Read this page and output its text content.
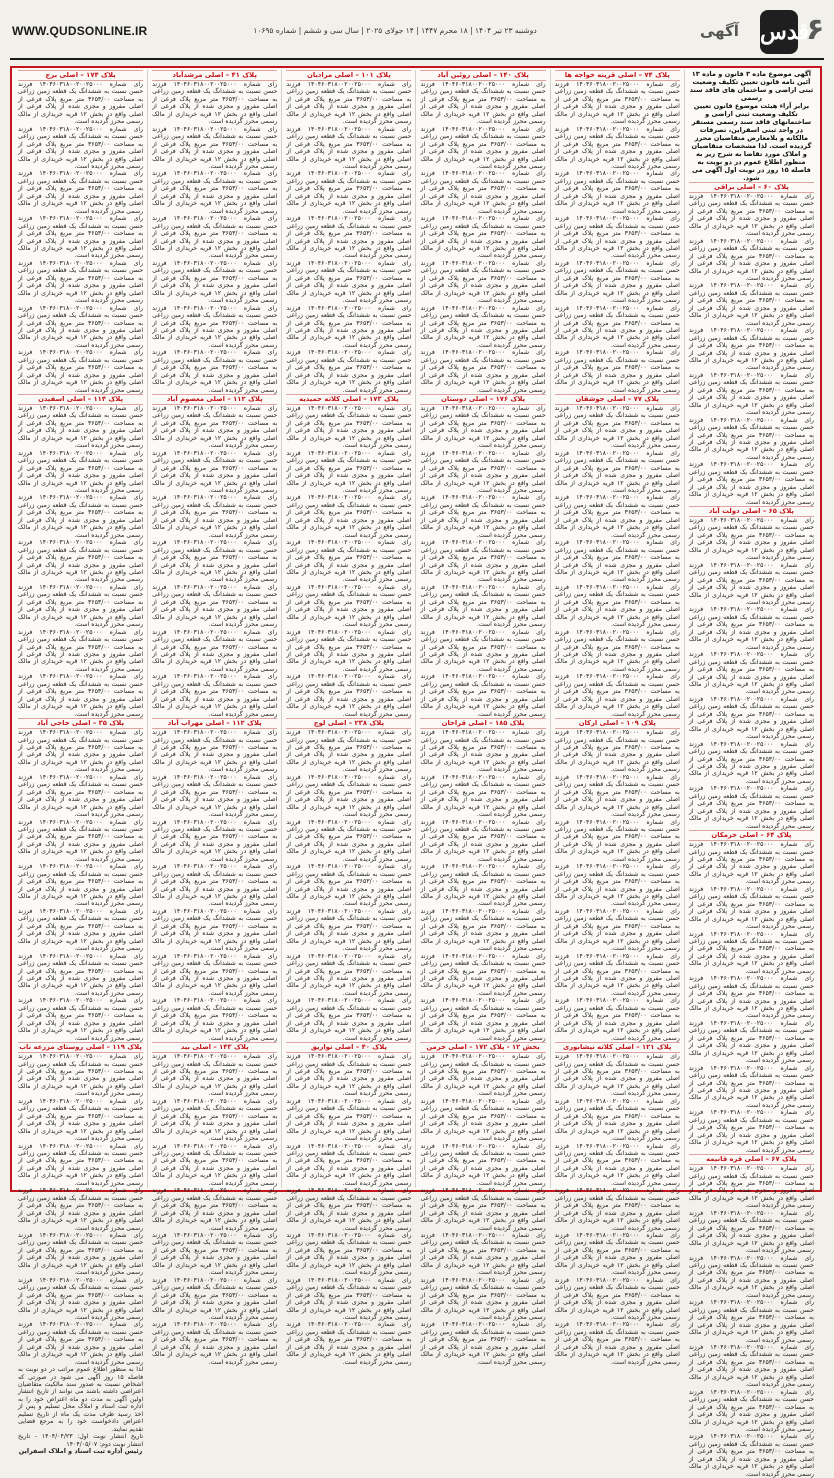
WWW.QUDSONLINE.IR	دوشنبه ۲۳ تیر ۱۴۰۴ | ۱۸ محرم ۱۴۴۷ | ۱۴ جولای ۲۰۲۵ | سال سی و ششم | شماره ۱۰۶۹۵	آگهی قدس
۶

آگهی موضوع ماده ۳ قانون و ماده ۱۳ آئین نامه قانون تعیین تکلیف وضعیت ثبتی اراضی و ساختمان های فاقد سند رسمی

برابر آراء هیئت موضوع قانون تعیین تکلیف وضعیت ثبتی اراضی و ساختمانهای فاقد سند رسمی مستقر در واحد ثبتی اسفراین، تصرفات مالکانه و بلامعارض متقاضیان محرز گردیده است. لذا مشخصات متقاضیان و املاک مورد تقاضا به شرح زیر به منظور اطلاع عموم در دو نوبت به فاصله ۱۵ روز در نوبت اول آگهی می شود.

پلاک ۶۰ – اصلی براقی

رای شماره ۱۴۰۴۶۰۳۱۸۰۰۲۰۰۲۵۰۰۰ فرزند حسن نسبت به ششدانگ یک قطعه زمین زراعی به مساحت ۳۶۵۳/۰۰ متر مربع پلاک فرعی از اصلی مفروز و مجزی شده از پلاک فرعی از اصلی واقع در بخش ۱۲ قریه خریداری از مالک رسمی محرز گردیده است.

رای شماره ۱۴۰۴۶۰۳۱۸۰۰۲۰۰۲۵۰۰۰ فرزند حسن نسبت به ششدانگ یک قطعه زمین زراعی به مساحت ۳۶۵۳/۰۰ متر مربع پلاک فرعی از اصلی مفروز و مجزی شده از پلاک فرعی از اصلی واقع در بخش ۱۲ قریه خریداری از مالک رسمی محرز گردیده است.

رای شماره ۱۴۰۴۶۰۳۱۸۰۰۲۰۰۲۵۰۰۰ فرزند حسن نسبت به ششدانگ یک قطعه زمین زراعی به مساحت ۳۶۵۳/۰۰ متر مربع پلاک فرعی از اصلی مفروز و مجزی شده از پلاک فرعی از اصلی واقع در بخش ۱۲ قریه خریداری از مالک رسمی محرز گردیده است.

رای شماره ۱۴۰۴۶۰۳۱۸۰۰۲۰۰۲۵۰۰۰ فرزند حسن نسبت به ششدانگ یک قطعه زمین زراعی به مساحت ۳۶۵۳/۰۰ متر مربع پلاک فرعی از اصلی مفروز و مجزی شده از پلاک فرعی از اصلی واقع در بخش ۱۲ قریه خریداری از مالک رسمی محرز گردیده است.

رای شماره ۱۴۰۴۶۰۳۱۸۰۰۲۰۰۲۵۰۰۰ فرزند حسن نسبت به ششدانگ یک قطعه زمین زراعی به مساحت ۳۶۵۳/۰۰ متر مربع پلاک فرعی از اصلی مفروز و مجزی شده از پلاک فرعی از اصلی واقع در بخش ۱۲ قریه خریداری از مالک رسمی محرز گردیده است.

رای شماره ۱۴۰۴۶۰۳۱۸۰۰۲۰۰۲۵۰۰۰ فرزند حسن نسبت به ششدانگ یک قطعه زمین زراعی به مساحت ۳۶۵۳/۰۰ متر مربع پلاک فرعی از اصلی مفروز و مجزی شده از پلاک فرعی از اصلی واقع در بخش ۱۲ قریه خریداری از مالک رسمی محرز گردیده است.

رای شماره ۱۴۰۴۶۰۳۱۸۰۰۲۰۰۲۵۰۰۰ فرزند حسن نسبت به ششدانگ یک قطعه زمین زراعی به مساحت ۳۶۵۳/۰۰ متر مربع پلاک فرعی از اصلی مفروز و مجزی شده از پلاک فرعی از اصلی واقع در بخش ۱۲ قریه خریداری از مالک رسمی محرز گردیده است.

پلاک ۶۵ – اصلی دولت آباد

رای شماره ۱۴۰۴۶۰۳۱۸۰۰۲۰۰۲۵۰۰۰ فرزند حسن نسبت به ششدانگ یک قطعه زمین زراعی به مساحت ۳۶۵۳/۰۰ متر مربع پلاک فرعی از اصلی مفروز و مجزی شده از پلاک فرعی از اصلی واقع در بخش ۱۲ قریه خریداری از مالک رسمی محرز گردیده است.

رای شماره ۱۴۰۴۶۰۳۱۸۰۰۲۰۰۲۵۰۰۰ فرزند حسن نسبت به ششدانگ یک قطعه زمین زراعی به مساحت ۳۶۵۳/۰۰ متر مربع پلاک فرعی از اصلی مفروز و مجزی شده از پلاک فرعی از اصلی واقع در بخش ۱۲ قریه خریداری از مالک رسمی محرز گردیده است.

رای شماره ۱۴۰۴۶۰۳۱۸۰۰۲۰۰۲۵۰۰۰ فرزند حسن نسبت به ششدانگ یک قطعه زمین زراعی به مساحت ۳۶۵۳/۰۰ متر مربع پلاک فرعی از اصلی مفروز و مجزی شده از پلاک فرعی از اصلی واقع در بخش ۱۲ قریه خریداری از مالک رسمی محرز گردیده است.

رای شماره ۱۴۰۴۶۰۳۱۸۰۰۲۰۰۲۵۰۰۰ فرزند حسن نسبت به ششدانگ یک قطعه زمین زراعی به مساحت ۳۶۵۳/۰۰ متر مربع پلاک فرعی از اصلی مفروز و مجزی شده از پلاک فرعی از اصلی واقع در بخش ۱۲ قریه خریداری از مالک رسمی محرز گردیده است.

رای شماره ۱۴۰۴۶۰۳۱۸۰۰۲۰۰۲۵۰۰۰ فرزند حسن نسبت به ششدانگ یک قطعه زمین زراعی به مساحت ۳۶۵۳/۰۰ متر مربع پلاک فرعی از اصلی مفروز و مجزی شده از پلاک فرعی از اصلی واقع در بخش ۱۲ قریه خریداری از مالک رسمی محرز گردیده است.

رای شماره ۱۴۰۴۶۰۳۱۸۰۰۲۰۰۲۵۰۰۰ فرزند حسن نسبت به ششدانگ یک قطعه زمین زراعی به مساحت ۳۶۵۳/۰۰ متر مربع پلاک فرعی از اصلی مفروز و مجزی شده از پلاک فرعی از اصلی واقع در بخش ۱۲ قریه خریداری از مالک رسمی محرز گردیده است.

رای شماره ۱۴۰۴۶۰۳۱۸۰۰۲۰۰۲۵۰۰۰ فرزند حسن نسبت به ششدانگ یک قطعه زمین زراعی به مساحت ۳۶۵۳/۰۰ متر مربع پلاک فرعی از اصلی مفروز و مجزی شده از پلاک فرعی از اصلی واقع در بخش ۱۲ قریه خریداری از مالک رسمی محرز گردیده است.

پلاک ۶۴ – اصلی خرمکان

رای شماره ۱۴۰۴۶۰۳۱۸۰۰۲۰۰۲۵۰۰۰ فرزند حسن نسبت به ششدانگ یک قطعه زمین زراعی به مساحت ۳۶۵۳/۰۰ متر مربع پلاک فرعی از اصلی مفروز و مجزی شده از پلاک فرعی از اصلی واقع در بخش ۱۲ قریه خریداری از مالک رسمی محرز گردیده است.

رای شماره ۱۴۰۴۶۰۳۱۸۰۰۲۰۰۲۵۰۰۰ فرزند حسن نسبت به ششدانگ یک قطعه زمین زراعی به مساحت ۳۶۵۳/۰۰ متر مربع پلاک فرعی از اصلی مفروز و مجزی شده از پلاک فرعی از اصلی واقع در بخش ۱۲ قریه خریداری از مالک رسمی محرز گردیده است.

رای شماره ۱۴۰۴۶۰۳۱۸۰۰۲۰۰۲۵۰۰۰ فرزند حسن نسبت به ششدانگ یک قطعه زمین زراعی به مساحت ۳۶۵۳/۰۰ متر مربع پلاک فرعی از اصلی مفروز و مجزی شده از پلاک فرعی از اصلی واقع در بخش ۱۲ قریه خریداری از مالک رسمی محرز گردیده است.

رای شماره ۱۴۰۴۶۰۳۱۸۰۰۲۰۰۲۵۰۰۰ فرزند حسن نسبت به ششدانگ یک قطعه زمین زراعی به مساحت ۳۶۵۳/۰۰ متر مربع پلاک فرعی از اصلی مفروز و مجزی شده از پلاک فرعی از اصلی واقع در بخش ۱۲ قریه خریداری از مالک رسمی محرز گردیده است.

رای شماره ۱۴۰۴۶۰۳۱۸۰۰۲۰۰۲۵۰۰۰ فرزند حسن نسبت به ششدانگ یک قطعه زمین زراعی به مساحت ۳۶۵۳/۰۰ متر مربع پلاک فرعی از اصلی مفروز و مجزی شده از پلاک فرعی از اصلی واقع در بخش ۱۲ قریه خریداری از مالک رسمی محرز گردیده است.

رای شماره ۱۴۰۴۶۰۳۱۸۰۰۲۰۰۲۵۰۰۰ فرزند حسن نسبت به ششدانگ یک قطعه زمین زراعی به مساحت ۳۶۵۳/۰۰ متر مربع پلاک فرعی از اصلی مفروز و مجزی شده از پلاک فرعی از اصلی واقع در بخش ۱۲ قریه خریداری از مالک رسمی محرز گردیده است.

رای شماره ۱۴۰۴۶۰۳۱۸۰۰۲۰۰۲۵۰۰۰ فرزند حسن نسبت به ششدانگ یک قطعه زمین زراعی به مساحت ۳۶۵۳/۰۰ متر مربع پلاک فرعی از اصلی مفروز و مجزی شده از پلاک فرعی از اصلی واقع در بخش ۱۲ قریه خریداری از مالک رسمی محرز گردیده است.

پلاک ۶۷ – اصلی قره قانیمه

رای شماره ۱۴۰۴۶۰۳۱۸۰۰۲۰۰۲۵۰۰۰ فرزند حسن نسبت به ششدانگ یک قطعه زمین زراعی به مساحت ۳۶۵۳/۰۰ متر مربع پلاک فرعی از اصلی مفروز و مجزی شده از پلاک فرعی از اصلی واقع در بخش ۱۲ قریه خریداری از مالک رسمی محرز گردیده است.

رای شماره ۱۴۰۴۶۰۳۱۸۰۰۲۰۰۲۵۰۰۰ فرزند حسن نسبت به ششدانگ یک قطعه زمین زراعی به مساحت ۳۶۵۳/۰۰ متر مربع پلاک فرعی از اصلی مفروز و مجزی شده از پلاک فرعی از اصلی واقع در بخش ۱۲ قریه خریداری از مالک رسمی محرز گردیده است.

رای شماره ۱۴۰۴۶۰۳۱۸۰۰۲۰۰۲۵۰۰۰ فرزند حسن نسبت به ششدانگ یک قطعه زمین زراعی به مساحت ۳۶۵۳/۰۰ متر مربع پلاک فرعی از اصلی مفروز و مجزی شده از پلاک فرعی از اصلی واقع در بخش ۱۲ قریه خریداری از مالک رسمی محرز گردیده است.

رای شماره ۱۴۰۴۶۰۳۱۸۰۰۲۰۰۲۵۰۰۰ فرزند حسن نسبت به ششدانگ یک قطعه زمین زراعی به مساحت ۳۶۵۳/۰۰ متر مربع پلاک فرعی از اصلی مفروز و مجزی شده از پلاک فرعی از اصلی واقع در بخش ۱۲ قریه خریداری از مالک رسمی محرز گردیده است.

رای شماره ۱۴۰۴۶۰۳۱۸۰۰۲۰۰۲۵۰۰۰ فرزند حسن نسبت به ششدانگ یک قطعه زمین زراعی به مساحت ۳۶۵۳/۰۰ متر مربع پلاک فرعی از اصلی مفروز و مجزی شده از پلاک فرعی از اصلی واقع در بخش ۱۲ قریه خریداری از مالک رسمی محرز گردیده است.

رای شماره ۱۴۰۴۶۰۳۱۸۰۰۲۰۰۲۵۰۰۰ فرزند حسن نسبت به ششدانگ یک قطعه زمین زراعی به مساحت ۳۶۵۳/۰۰ متر مربع پلاک فرعی از اصلی مفروز و مجزی شده از پلاک فرعی از اصلی واقع در بخش ۱۲ قریه خریداری از مالک رسمی محرز گردیده است.

رای شماره ۱۴۰۴۶۰۳۱۸۰۰۲۰۰۲۵۰۰۰ فرزند حسن نسبت به ششدانگ یک قطعه زمین زراعی به مساحت ۳۶۵۳/۰۰ متر مربع پلاک فرعی از اصلی مفروز و مجزی شده از پلاک فرعی از اصلی واقع در بخش ۱۲ قریه خریداری از مالک رسمی محرز گردیده است.

پلاک ۷۴ – اصلی قرینه خواجه ها

رای شماره ۱۴۰۴۶۰۳۱۸۰۰۲۰۰۲۵۰۰۰ فرزند حسن نسبت به ششدانگ یک قطعه زمین زراعی به مساحت ۳۶۵۳/۰۰ متر مربع پلاک فرعی از اصلی مفروز و مجزی شده از پلاک فرعی از اصلی واقع در بخش ۱۲ قریه خریداری از مالک رسمی محرز گردیده است.

رای شماره ۱۴۰۴۶۰۳۱۸۰۰۲۰۰۲۵۰۰۰ فرزند حسن نسبت به ششدانگ یک قطعه زمین زراعی به مساحت ۳۶۵۳/۰۰ متر مربع پلاک فرعی از اصلی مفروز و مجزی شده از پلاک فرعی از اصلی واقع در بخش ۱۲ قریه خریداری از مالک رسمی محرز گردیده است.

رای شماره ۱۴۰۴۶۰۳۱۸۰۰۲۰۰۲۵۰۰۰ فرزند حسن نسبت به ششدانگ یک قطعه زمین زراعی به مساحت ۳۶۵۳/۰۰ متر مربع پلاک فرعی از اصلی مفروز و مجزی شده از پلاک فرعی از اصلی واقع در بخش ۱۲ قریه خریداری از مالک رسمی محرز گردیده است.

رای شماره ۱۴۰۴۶۰۳۱۸۰۰۲۰۰۲۵۰۰۰ فرزند حسن نسبت به ششدانگ یک قطعه زمین زراعی به مساحت ۳۶۵۳/۰۰ متر مربع پلاک فرعی از اصلی مفروز و مجزی شده از پلاک فرعی از اصلی واقع در بخش ۱۲ قریه خریداری از مالک رسمی محرز گردیده است.

رای شماره ۱۴۰۴۶۰۳۱۸۰۰۲۰۰۲۵۰۰۰ فرزند حسن نسبت به ششدانگ یک قطعه زمین زراعی به مساحت ۳۶۵۳/۰۰ متر مربع پلاک فرعی از اصلی مفروز و مجزی شده از پلاک فرعی از اصلی واقع در بخش ۱۲ قریه خریداری از مالک رسمی محرز گردیده است.

رای شماره ۱۴۰۴۶۰۳۱۸۰۰۲۰۰۲۵۰۰۰ فرزند حسن نسبت به ششدانگ یک قطعه زمین زراعی به مساحت ۳۶۵۳/۰۰ متر مربع پلاک فرعی از اصلی مفروز و مجزی شده از پلاک فرعی از اصلی واقع در بخش ۱۲ قریه خریداری از مالک رسمی محرز گردیده است.

رای شماره ۱۴۰۴۶۰۳۱۸۰۰۲۰۰۲۵۰۰۰ فرزند حسن نسبت به ششدانگ یک قطعه زمین زراعی به مساحت ۳۶۵۳/۰۰ متر مربع پلاک فرعی از اصلی مفروز و مجزی شده از پلاک فرعی از اصلی واقع در بخش ۱۲ قریه خریداری از مالک رسمی محرز گردیده است.

پلاک ۷۷ – اصلی جوشقان

رای شماره ۱۴۰۴۶۰۳۱۸۰۰۲۰۰۲۵۰۰۰ فرزند حسن نسبت به ششدانگ یک قطعه زمین زراعی به مساحت ۳۶۵۳/۰۰ متر مربع پلاک فرعی از اصلی مفروز و مجزی شده از پلاک فرعی از اصلی واقع در بخش ۱۲ قریه خریداری از مالک رسمی محرز گردیده است.

رای شماره ۱۴۰۴۶۰۳۱۸۰۰۲۰۰۲۵۰۰۰ فرزند حسن نسبت به ششدانگ یک قطعه زمین زراعی به مساحت ۳۶۵۳/۰۰ متر مربع پلاک فرعی از اصلی مفروز و مجزی شده از پلاک فرعی از اصلی واقع در بخش ۱۲ قریه خریداری از مالک رسمی محرز گردیده است.

رای شماره ۱۴۰۴۶۰۳۱۸۰۰۲۰۰۲۵۰۰۰ فرزند حسن نسبت به ششدانگ یک قطعه زمین زراعی به مساحت ۳۶۵۳/۰۰ متر مربع پلاک فرعی از اصلی مفروز و مجزی شده از پلاک فرعی از اصلی واقع در بخش ۱۲ قریه خریداری از مالک رسمی محرز گردیده است.

رای شماره ۱۴۰۴۶۰۳۱۸۰۰۲۰۰۲۵۰۰۰ فرزند حسن نسبت به ششدانگ یک قطعه زمین زراعی به مساحت ۳۶۵۳/۰۰ متر مربع پلاک فرعی از اصلی مفروز و مجزی شده از پلاک فرعی از اصلی واقع در بخش ۱۲ قریه خریداری از مالک رسمی محرز گردیده است.

رای شماره ۱۴۰۴۶۰۳۱۸۰۰۲۰۰۲۵۰۰۰ فرزند حسن نسبت به ششدانگ یک قطعه زمین زراعی به مساحت ۳۶۵۳/۰۰ متر مربع پلاک فرعی از اصلی مفروز و مجزی شده از پلاک فرعی از اصلی واقع در بخش ۱۲ قریه خریداری از مالک رسمی محرز گردیده است.

رای شماره ۱۴۰۴۶۰۳۱۸۰۰۲۰۰۲۵۰۰۰ فرزند حسن نسبت به ششدانگ یک قطعه زمین زراعی به مساحت ۳۶۵۳/۰۰ متر مربع پلاک فرعی از اصلی مفروز و مجزی شده از پلاک فرعی از اصلی واقع در بخش ۱۲ قریه خریداری از مالک رسمی محرز گردیده است.

رای شماره ۱۴۰۴۶۰۳۱۸۰۰۲۰۰۲۵۰۰۰ فرزند حسن نسبت به ششدانگ یک قطعه زمین زراعی به مساحت ۳۶۵۳/۰۰ متر مربع پلاک فرعی از اصلی مفروز و مجزی شده از پلاک فرعی از اصلی واقع در بخش ۱۲ قریه خریداری از مالک رسمی محرز گردیده است.

پلاک ۱۰۹ – اصلی ارکان

رای شماره ۱۴۰۴۶۰۳۱۸۰۰۲۰۰۲۵۰۰۰ فرزند حسن نسبت به ششدانگ یک قطعه زمین زراعی به مساحت ۳۶۵۳/۰۰ متر مربع پلاک فرعی از اصلی مفروز و مجزی شده از پلاک فرعی از اصلی واقع در بخش ۱۲ قریه خریداری از مالک رسمی محرز گردیده است.

رای شماره ۱۴۰۴۶۰۳۱۸۰۰۲۰۰۲۵۰۰۰ فرزند حسن نسبت به ششدانگ یک قطعه زمین زراعی به مساحت ۳۶۵۳/۰۰ متر مربع پلاک فرعی از اصلی مفروز و مجزی شده از پلاک فرعی از اصلی واقع در بخش ۱۲ قریه خریداری از مالک رسمی محرز گردیده است.

رای شماره ۱۴۰۴۶۰۳۱۸۰۰۲۰۰۲۵۰۰۰ فرزند حسن نسبت به ششدانگ یک قطعه زمین زراعی به مساحت ۳۶۵۳/۰۰ متر مربع پلاک فرعی از اصلی مفروز و مجزی شده از پلاک فرعی از اصلی واقع در بخش ۱۲ قریه خریداری از مالک رسمی محرز گردیده است.

رای شماره ۱۴۰۴۶۰۳۱۸۰۰۲۰۰۲۵۰۰۰ فرزند حسن نسبت به ششدانگ یک قطعه زمین زراعی به مساحت ۳۶۵۳/۰۰ متر مربع پلاک فرعی از اصلی مفروز و مجزی شده از پلاک فرعی از اصلی واقع در بخش ۱۲ قریه خریداری از مالک رسمی محرز گردیده است.

رای شماره ۱۴۰۴۶۰۳۱۸۰۰۲۰۰۲۵۰۰۰ فرزند حسن نسبت به ششدانگ یک قطعه زمین زراعی به مساحت ۳۶۵۳/۰۰ متر مربع پلاک فرعی از اصلی مفروز و مجزی شده از پلاک فرعی از اصلی واقع در بخش ۱۲ قریه خریداری از مالک رسمی محرز گردیده است.

رای شماره ۱۴۰۴۶۰۳۱۸۰۰۲۰۰۲۵۰۰۰ فرزند حسن نسبت به ششدانگ یک قطعه زمین زراعی به مساحت ۳۶۵۳/۰۰ متر مربع پلاک فرعی از اصلی مفروز و مجزی شده از پلاک فرعی از اصلی واقع در بخش ۱۲ قریه خریداری از مالک رسمی محرز گردیده است.

رای شماره ۱۴۰۴۶۰۳۱۸۰۰۲۰۰۲۵۰۰۰ فرزند حسن نسبت به ششدانگ یک قطعه زمین زراعی به مساحت ۳۶۵۳/۰۰ متر مربع پلاک فرعی از اصلی مفروز و مجزی شده از پلاک فرعی از اصلی واقع در بخش ۱۲ قریه خریداری از مالک رسمی محرز گردیده است.

پلاک ۱۲۱ – اصلی کلاته نیشابوری

رای شماره ۱۴۰۴۶۰۳۱۸۰۰۲۰۰۲۵۰۰۰ فرزند حسن نسبت به ششدانگ یک قطعه زمین زراعی به مساحت ۳۶۵۳/۰۰ متر مربع پلاک فرعی از اصلی مفروز و مجزی شده از پلاک فرعی از اصلی واقع در بخش ۱۲ قریه خریداری از مالک رسمی محرز گردیده است.

رای شماره ۱۴۰۴۶۰۳۱۸۰۰۲۰۰۲۵۰۰۰ فرزند حسن نسبت به ششدانگ یک قطعه زمین زراعی به مساحت ۳۶۵۳/۰۰ متر مربع پلاک فرعی از اصلی مفروز و مجزی شده از پلاک فرعی از اصلی واقع در بخش ۱۲ قریه خریداری از مالک رسمی محرز گردیده است.

رای شماره ۱۴۰۴۶۰۳۱۸۰۰۲۰۰۲۵۰۰۰ فرزند حسن نسبت به ششدانگ یک قطعه زمین زراعی به مساحت ۳۶۵۳/۰۰ متر مربع پلاک فرعی از اصلی مفروز و مجزی شده از پلاک فرعی از اصلی واقع در بخش ۱۲ قریه خریداری از مالک رسمی محرز گردیده است.

رای شماره ۱۴۰۴۶۰۳۱۸۰۰۲۰۰۲۵۰۰۰ فرزند حسن نسبت به ششدانگ یک قطعه زمین زراعی به مساحت ۳۶۵۳/۰۰ متر مربع پلاک فرعی از اصلی مفروز و مجزی شده از پلاک فرعی از اصلی واقع در بخش ۱۲ قریه خریداری از مالک رسمی محرز گردیده است.

رای شماره ۱۴۰۴۶۰۳۱۸۰۰۲۰۰۲۵۰۰۰ فرزند حسن نسبت به ششدانگ یک قطعه زمین زراعی به مساحت ۳۶۵۳/۰۰ متر مربع پلاک فرعی از اصلی مفروز و مجزی شده از پلاک فرعی از اصلی واقع در بخش ۱۲ قریه خریداری از مالک رسمی محرز گردیده است.

رای شماره ۱۴۰۴۶۰۳۱۸۰۰۲۰۰۲۵۰۰۰ فرزند حسن نسبت به ششدانگ یک قطعه زمین زراعی به مساحت ۳۶۵۳/۰۰ متر مربع پلاک فرعی از اصلی مفروز و مجزی شده از پلاک فرعی از اصلی واقع در بخش ۱۲ قریه خریداری از مالک رسمی محرز گردیده است.

رای شماره ۱۴۰۴۶۰۳۱۸۰۰۲۰۰۲۵۰۰۰ فرزند حسن نسبت به ششدانگ یک قطعه زمین زراعی به مساحت ۳۶۵۳/۰۰ متر مربع پلاک فرعی از اصلی مفروز و مجزی شده از پلاک فرعی از اصلی واقع در بخش ۱۲ قریه خریداری از مالک رسمی محرز گردیده است.

پلاک ۱۴۰ – اصلی روئین آباد

رای شماره ۱۴۰۴۶۰۳۱۸۰۰۲۰۰۲۵۰۰۰ فرزند حسن نسبت به ششدانگ یک قطعه زمین زراعی به مساحت ۳۶۵۳/۰۰ متر مربع پلاک فرعی از اصلی مفروز و مجزی شده از پلاک فرعی از اصلی واقع در بخش ۱۲ قریه خریداری از مالک رسمی محرز گردیده است.

رای شماره ۱۴۰۴۶۰۳۱۸۰۰۲۰۰۲۵۰۰۰ فرزند حسن نسبت به ششدانگ یک قطعه زمین زراعی به مساحت ۳۶۵۳/۰۰ متر مربع پلاک فرعی از اصلی مفروز و مجزی شده از پلاک فرعی از اصلی واقع در بخش ۱۲ قریه خریداری از مالک رسمی محرز گردیده است.

رای شماره ۱۴۰۴۶۰۳۱۸۰۰۲۰۰۲۵۰۰۰ فرزند حسن نسبت به ششدانگ یک قطعه زمین زراعی به مساحت ۳۶۵۳/۰۰ متر مربع پلاک فرعی از اصلی مفروز و مجزی شده از پلاک فرعی از اصلی واقع در بخش ۱۲ قریه خریداری از مالک رسمی محرز گردیده است.

رای شماره ۱۴۰۴۶۰۳۱۸۰۰۲۰۰۲۵۰۰۰ فرزند حسن نسبت به ششدانگ یک قطعه زمین زراعی به مساحت ۳۶۵۳/۰۰ متر مربع پلاک فرعی از اصلی مفروز و مجزی شده از پلاک فرعی از اصلی واقع در بخش ۱۲ قریه خریداری از مالک رسمی محرز گردیده است.

رای شماره ۱۴۰۴۶۰۳۱۸۰۰۲۰۰۲۵۰۰۰ فرزند حسن نسبت به ششدانگ یک قطعه زمین زراعی به مساحت ۳۶۵۳/۰۰ متر مربع پلاک فرعی از اصلی مفروز و مجزی شده از پلاک فرعی از اصلی واقع در بخش ۱۲ قریه خریداری از مالک رسمی محرز گردیده است.

رای شماره ۱۴۰۴۶۰۳۱۸۰۰۲۰۰۲۵۰۰۰ فرزند حسن نسبت به ششدانگ یک قطعه زمین زراعی به مساحت ۳۶۵۳/۰۰ متر مربع پلاک فرعی از اصلی مفروز و مجزی شده از پلاک فرعی از اصلی واقع در بخش ۱۲ قریه خریداری از مالک رسمی محرز گردیده است.

رای شماره ۱۴۰۴۶۰۳۱۸۰۰۲۰۰۲۵۰۰۰ فرزند حسن نسبت به ششدانگ یک قطعه زمین زراعی به مساحت ۳۶۵۳/۰۰ متر مربع پلاک فرعی از اصلی مفروز و مجزی شده از پلاک فرعی از اصلی واقع در بخش ۱۲ قریه خریداری از مالک رسمی محرز گردیده است.

پلاک ۱۷۶ – اصلی دوستان

رای شماره ۱۴۰۴۶۰۳۱۸۰۰۲۰۰۲۵۰۰۰ فرزند حسن نسبت به ششدانگ یک قطعه زمین زراعی به مساحت ۳۶۵۳/۰۰ متر مربع پلاک فرعی از اصلی مفروز و مجزی شده از پلاک فرعی از اصلی واقع در بخش ۱۲ قریه خریداری از مالک رسمی محرز گردیده است.

رای شماره ۱۴۰۴۶۰۳۱۸۰۰۲۰۰۲۵۰۰۰ فرزند حسن نسبت به ششدانگ یک قطعه زمین زراعی به مساحت ۳۶۵۳/۰۰ متر مربع پلاک فرعی از اصلی مفروز و مجزی شده از پلاک فرعی از اصلی واقع در بخش ۱۲ قریه خریداری از مالک رسمی محرز گردیده است.

رای شماره ۱۴۰۴۶۰۳۱۸۰۰۲۰۰۲۵۰۰۰ فرزند حسن نسبت به ششدانگ یک قطعه زمین زراعی به مساحت ۳۶۵۳/۰۰ متر مربع پلاک فرعی از اصلی مفروز و مجزی شده از پلاک فرعی از اصلی واقع در بخش ۱۲ قریه خریداری از مالک رسمی محرز گردیده است.

رای شماره ۱۴۰۴۶۰۳۱۸۰۰۲۰۰۲۵۰۰۰ فرزند حسن نسبت به ششدانگ یک قطعه زمین زراعی به مساحت ۳۶۵۳/۰۰ متر مربع پلاک فرعی از اصلی مفروز و مجزی شده از پلاک فرعی از اصلی واقع در بخش ۱۲ قریه خریداری از مالک رسمی محرز گردیده است.

رای شماره ۱۴۰۴۶۰۳۱۸۰۰۲۰۰۲۵۰۰۰ فرزند حسن نسبت به ششدانگ یک قطعه زمین زراعی به مساحت ۳۶۵۳/۰۰ متر مربع پلاک فرعی از اصلی مفروز و مجزی شده از پلاک فرعی از اصلی واقع در بخش ۱۲ قریه خریداری از مالک رسمی محرز گردیده است.

رای شماره ۱۴۰۴۶۰۳۱۸۰۰۲۰۰۲۵۰۰۰ فرزند حسن نسبت به ششدانگ یک قطعه زمین زراعی به مساحت ۳۶۵۳/۰۰ متر مربع پلاک فرعی از اصلی مفروز و مجزی شده از پلاک فرعی از اصلی واقع در بخش ۱۲ قریه خریداری از مالک رسمی محرز گردیده است.

رای شماره ۱۴۰۴۶۰۳۱۸۰۰۲۰۰۲۵۰۰۰ فرزند حسن نسبت به ششدانگ یک قطعه زمین زراعی به مساحت ۳۶۵۳/۰۰ متر مربع پلاک فرعی از اصلی مفروز و مجزی شده از پلاک فرعی از اصلی واقع در بخش ۱۲ قریه خریداری از مالک رسمی محرز گردیده است.

پلاک ۱۸۵ – اصلی قراخان

رای شماره ۱۴۰۴۶۰۳۱۸۰۰۲۰۰۲۵۰۰۰ فرزند حسن نسبت به ششدانگ یک قطعه زمین زراعی به مساحت ۳۶۵۳/۰۰ متر مربع پلاک فرعی از اصلی مفروز و مجزی شده از پلاک فرعی از اصلی واقع در بخش ۱۲ قریه خریداری از مالک رسمی محرز گردیده است.

رای شماره ۱۴۰۴۶۰۳۱۸۰۰۲۰۰۲۵۰۰۰ فرزند حسن نسبت به ششدانگ یک قطعه زمین زراعی به مساحت ۳۶۵۳/۰۰ متر مربع پلاک فرعی از اصلی مفروز و مجزی شده از پلاک فرعی از اصلی واقع در بخش ۱۲ قریه خریداری از مالک رسمی محرز گردیده است.

رای شماره ۱۴۰۴۶۰۳۱۸۰۰۲۰۰۲۵۰۰۰ فرزند حسن نسبت به ششدانگ یک قطعه زمین زراعی به مساحت ۳۶۵۳/۰۰ متر مربع پلاک فرعی از اصلی مفروز و مجزی شده از پلاک فرعی از اصلی واقع در بخش ۱۲ قریه خریداری از مالک رسمی محرز گردیده است.

رای شماره ۱۴۰۴۶۰۳۱۸۰۰۲۰۰۲۵۰۰۰ فرزند حسن نسبت به ششدانگ یک قطعه زمین زراعی به مساحت ۳۶۵۳/۰۰ متر مربع پلاک فرعی از اصلی مفروز و مجزی شده از پلاک فرعی از اصلی واقع در بخش ۱۲ قریه خریداری از مالک رسمی محرز گردیده است.

رای شماره ۱۴۰۴۶۰۳۱۸۰۰۲۰۰۲۵۰۰۰ فرزند حسن نسبت به ششدانگ یک قطعه زمین زراعی به مساحت ۳۶۵۳/۰۰ متر مربع پلاک فرعی از اصلی مفروز و مجزی شده از پلاک فرعی از اصلی واقع در بخش ۱۲ قریه خریداری از مالک رسمی محرز گردیده است.

رای شماره ۱۴۰۴۶۰۳۱۸۰۰۲۰۰۲۵۰۰۰ فرزند حسن نسبت به ششدانگ یک قطعه زمین زراعی به مساحت ۳۶۵۳/۰۰ متر مربع پلاک فرعی از اصلی مفروز و مجزی شده از پلاک فرعی از اصلی واقع در بخش ۱۲ قریه خریداری از مالک رسمی محرز گردیده است.

رای شماره ۱۴۰۴۶۰۳۱۸۰۰۲۰۰۲۵۰۰۰ فرزند حسن نسبت به ششدانگ یک قطعه زمین زراعی به مساحت ۳۶۵۳/۰۰ متر مربع پلاک فرعی از اصلی مفروز و مجزی شده از پلاک فرعی از اصلی واقع در بخش ۱۲ قریه خریداری از مالک رسمی محرز گردیده است.

بخش ۱۲ - پلاک ۱۷۲ – اصلی خرمن

رای شماره ۱۴۰۴۶۰۳۱۸۰۰۲۰۰۲۵۰۰۰ فرزند حسن نسبت به ششدانگ یک قطعه زمین زراعی به مساحت ۳۶۵۳/۰۰ متر مربع پلاک فرعی از اصلی مفروز و مجزی شده از پلاک فرعی از اصلی واقع در بخش ۱۲ قریه خریداری از مالک رسمی محرز گردیده است.

رای شماره ۱۴۰۴۶۰۳۱۸۰۰۲۰۰۲۵۰۰۰ فرزند حسن نسبت به ششدانگ یک قطعه زمین زراعی به مساحت ۳۶۵۳/۰۰ متر مربع پلاک فرعی از اصلی مفروز و مجزی شده از پلاک فرعی از اصلی واقع در بخش ۱۲ قریه خریداری از مالک رسمی محرز گردیده است.

رای شماره ۱۴۰۴۶۰۳۱۸۰۰۲۰۰۲۵۰۰۰ فرزند حسن نسبت به ششدانگ یک قطعه زمین زراعی به مساحت ۳۶۵۳/۰۰ متر مربع پلاک فرعی از اصلی مفروز و مجزی شده از پلاک فرعی از اصلی واقع در بخش ۱۲ قریه خریداری از مالک رسمی محرز گردیده است.

رای شماره ۱۴۰۴۶۰۳۱۸۰۰۲۰۰۲۵۰۰۰ فرزند حسن نسبت به ششدانگ یک قطعه زمین زراعی به مساحت ۳۶۵۳/۰۰ متر مربع پلاک فرعی از اصلی مفروز و مجزی شده از پلاک فرعی از اصلی واقع در بخش ۱۲ قریه خریداری از مالک رسمی محرز گردیده است.

رای شماره ۱۴۰۴۶۰۳۱۸۰۰۲۰۰۲۵۰۰۰ فرزند حسن نسبت به ششدانگ یک قطعه زمین زراعی به مساحت ۳۶۵۳/۰۰ متر مربع پلاک فرعی از اصلی مفروز و مجزی شده از پلاک فرعی از اصلی واقع در بخش ۱۲ قریه خریداری از مالک رسمی محرز گردیده است.

رای شماره ۱۴۰۴۶۰۳۱۸۰۰۲۰۰۲۵۰۰۰ فرزند حسن نسبت به ششدانگ یک قطعه زمین زراعی به مساحت ۳۶۵۳/۰۰ متر مربع پلاک فرعی از اصلی مفروز و مجزی شده از پلاک فرعی از اصلی واقع در بخش ۱۲ قریه خریداری از مالک رسمی محرز گردیده است.

رای شماره ۱۴۰۴۶۰۳۱۸۰۰۲۰۰۲۵۰۰۰ فرزند حسن نسبت به ششدانگ یک قطعه زمین زراعی به مساحت ۳۶۵۳/۰۰ متر مربع پلاک فرعی از اصلی مفروز و مجزی شده از پلاک فرعی از اصلی واقع در بخش ۱۲ قریه خریداری از مالک رسمی محرز گردیده است.

پلاک ۱۰۱ – اصلی مرادیان

رای شماره ۱۴۰۴۶۰۳۱۸۰۰۲۰۰۲۵۰۰۰ فرزند حسن نسبت به ششدانگ یک قطعه زمین زراعی به مساحت ۳۶۵۳/۰۰ متر مربع پلاک فرعی از اصلی مفروز و مجزی شده از پلاک فرعی از اصلی واقع در بخش ۱۲ قریه خریداری از مالک رسمی محرز گردیده است.

رای شماره ۱۴۰۴۶۰۳۱۸۰۰۲۰۰۲۵۰۰۰ فرزند حسن نسبت به ششدانگ یک قطعه زمین زراعی به مساحت ۳۶۵۳/۰۰ متر مربع پلاک فرعی از اصلی مفروز و مجزی شده از پلاک فرعی از اصلی واقع در بخش ۱۲ قریه خریداری از مالک رسمی محرز گردیده است.

رای شماره ۱۴۰۴۶۰۳۱۸۰۰۲۰۰۲۵۰۰۰ فرزند حسن نسبت به ششدانگ یک قطعه زمین زراعی به مساحت ۳۶۵۳/۰۰ متر مربع پلاک فرعی از اصلی مفروز و مجزی شده از پلاک فرعی از اصلی واقع در بخش ۱۲ قریه خریداری از مالک رسمی محرز گردیده است.

رای شماره ۱۴۰۴۶۰۳۱۸۰۰۲۰۰۲۵۰۰۰ فرزند حسن نسبت به ششدانگ یک قطعه زمین زراعی به مساحت ۳۶۵۳/۰۰ متر مربع پلاک فرعی از اصلی مفروز و مجزی شده از پلاک فرعی از اصلی واقع در بخش ۱۲ قریه خریداری از مالک رسمی محرز گردیده است.

رای شماره ۱۴۰۴۶۰۳۱۸۰۰۲۰۰۲۵۰۰۰ فرزند حسن نسبت به ششدانگ یک قطعه زمین زراعی به مساحت ۳۶۵۳/۰۰ متر مربع پلاک فرعی از اصلی مفروز و مجزی شده از پلاک فرعی از اصلی واقع در بخش ۱۲ قریه خریداری از مالک رسمی محرز گردیده است.

رای شماره ۱۴۰۴۶۰۳۱۸۰۰۲۰۰۲۵۰۰۰ فرزند حسن نسبت به ششدانگ یک قطعه زمین زراعی به مساحت ۳۶۵۳/۰۰ متر مربع پلاک فرعی از اصلی مفروز و مجزی شده از پلاک فرعی از اصلی واقع در بخش ۱۲ قریه خریداری از مالک رسمی محرز گردیده است.

رای شماره ۱۴۰۴۶۰۳۱۸۰۰۲۰۰۲۵۰۰۰ فرزند حسن نسبت به ششدانگ یک قطعه زمین زراعی به مساحت ۳۶۵۳/۰۰ متر مربع پلاک فرعی از اصلی مفروز و مجزی شده از پلاک فرعی از اصلی واقع در بخش ۱۲ قریه خریداری از مالک رسمی محرز گردیده است.

پلاک ۱۷۳ – اصلی کلاته حمیدیه

رای شماره ۱۴۰۴۶۰۳۱۸۰۰۲۰۰۲۵۰۰۰ فرزند حسن نسبت به ششدانگ یک قطعه زمین زراعی به مساحت ۳۶۵۳/۰۰ متر مربع پلاک فرعی از اصلی مفروز و مجزی شده از پلاک فرعی از اصلی واقع در بخش ۱۲ قریه خریداری از مالک رسمی محرز گردیده است.

رای شماره ۱۴۰۴۶۰۳۱۸۰۰۲۰۰۲۵۰۰۰ فرزند حسن نسبت به ششدانگ یک قطعه زمین زراعی به مساحت ۳۶۵۳/۰۰ متر مربع پلاک فرعی از اصلی مفروز و مجزی شده از پلاک فرعی از اصلی واقع در بخش ۱۲ قریه خریداری از مالک رسمی محرز گردیده است.

رای شماره ۱۴۰۴۶۰۳۱۸۰۰۲۰۰۲۵۰۰۰ فرزند حسن نسبت به ششدانگ یک قطعه زمین زراعی به مساحت ۳۶۵۳/۰۰ متر مربع پلاک فرعی از اصلی مفروز و مجزی شده از پلاک فرعی از اصلی واقع در بخش ۱۲ قریه خریداری از مالک رسمی محرز گردیده است.

رای شماره ۱۴۰۴۶۰۳۱۸۰۰۲۰۰۲۵۰۰۰ فرزند حسن نسبت به ششدانگ یک قطعه زمین زراعی به مساحت ۳۶۵۳/۰۰ متر مربع پلاک فرعی از اصلی مفروز و مجزی شده از پلاک فرعی از اصلی واقع در بخش ۱۲ قریه خریداری از مالک رسمی محرز گردیده است.

رای شماره ۱۴۰۴۶۰۳۱۸۰۰۲۰۰۲۵۰۰۰ فرزند حسن نسبت به ششدانگ یک قطعه زمین زراعی به مساحت ۳۶۵۳/۰۰ متر مربع پلاک فرعی از اصلی مفروز و مجزی شده از پلاک فرعی از اصلی واقع در بخش ۱۲ قریه خریداری از مالک رسمی محرز گردیده است.

رای شماره ۱۴۰۴۶۰۳۱۸۰۰۲۰۰۲۵۰۰۰ فرزند حسن نسبت به ششدانگ یک قطعه زمین زراعی به مساحت ۳۶۵۳/۰۰ متر مربع پلاک فرعی از اصلی مفروز و مجزی شده از پلاک فرعی از اصلی واقع در بخش ۱۲ قریه خریداری از مالک رسمی محرز گردیده است.

رای شماره ۱۴۰۴۶۰۳۱۸۰۰۲۰۰۲۵۰۰۰ فرزند حسن نسبت به ششدانگ یک قطعه زمین زراعی به مساحت ۳۶۵۳/۰۰ متر مربع پلاک فرعی از اصلی مفروز و مجزی شده از پلاک فرعی از اصلی واقع در بخش ۱۲ قریه خریداری از مالک رسمی محرز گردیده است.

پلاک ۲۳۸ – اصلی لوچ

رای شماره ۱۴۰۴۶۰۳۱۸۰۰۲۰۰۲۵۰۰۰ فرزند حسن نسبت به ششدانگ یک قطعه زمین زراعی به مساحت ۳۶۵۳/۰۰ متر مربع پلاک فرعی از اصلی مفروز و مجزی شده از پلاک فرعی از اصلی واقع در بخش ۱۲ قریه خریداری از مالک رسمی محرز گردیده است.

رای شماره ۱۴۰۴۶۰۳۱۸۰۰۲۰۰۲۵۰۰۰ فرزند حسن نسبت به ششدانگ یک قطعه زمین زراعی به مساحت ۳۶۵۳/۰۰ متر مربع پلاک فرعی از اصلی مفروز و مجزی شده از پلاک فرعی از اصلی واقع در بخش ۱۲ قریه خریداری از مالک رسمی محرز گردیده است.

رای شماره ۱۴۰۴۶۰۳۱۸۰۰۲۰۰۲۵۰۰۰ فرزند حسن نسبت به ششدانگ یک قطعه زمین زراعی به مساحت ۳۶۵۳/۰۰ متر مربع پلاک فرعی از اصلی مفروز و مجزی شده از پلاک فرعی از اصلی واقع در بخش ۱۲ قریه خریداری از مالک رسمی محرز گردیده است.

رای شماره ۱۴۰۴۶۰۳۱۸۰۰۲۰۰۲۵۰۰۰ فرزند حسن نسبت به ششدانگ یک قطعه زمین زراعی به مساحت ۳۶۵۳/۰۰ متر مربع پلاک فرعی از اصلی مفروز و مجزی شده از پلاک فرعی از اصلی واقع در بخش ۱۲ قریه خریداری از مالک رسمی محرز گردیده است.

رای شماره ۱۴۰۴۶۰۳۱۸۰۰۲۰۰۲۵۰۰۰ فرزند حسن نسبت به ششدانگ یک قطعه زمین زراعی به مساحت ۳۶۵۳/۰۰ متر مربع پلاک فرعی از اصلی مفروز و مجزی شده از پلاک فرعی از اصلی واقع در بخش ۱۲ قریه خریداری از مالک رسمی محرز گردیده است.

رای شماره ۱۴۰۴۶۰۳۱۸۰۰۲۰۰۲۵۰۰۰ فرزند حسن نسبت به ششدانگ یک قطعه زمین زراعی به مساحت ۳۶۵۳/۰۰ متر مربع پلاک فرعی از اصلی مفروز و مجزی شده از پلاک فرعی از اصلی واقع در بخش ۱۲ قریه خریداری از مالک رسمی محرز گردیده است.

رای شماره ۱۴۰۴۶۰۳۱۸۰۰۲۰۰۲۵۰۰۰ فرزند حسن نسبت به ششدانگ یک قطعه زمین زراعی به مساحت ۳۶۵۳/۰۰ متر مربع پلاک فرعی از اصلی مفروز و مجزی شده از پلاک فرعی از اصلی واقع در بخش ۱۲ قریه خریداری از مالک رسمی محرز گردیده است.

پلاک ۴۰ – اصلی تواریق

رای شماره ۱۴۰۴۶۰۳۱۸۰۰۲۰۰۲۵۰۰۰ فرزند حسن نسبت به ششدانگ یک قطعه زمین زراعی به مساحت ۳۶۵۳/۰۰ متر مربع پلاک فرعی از اصلی مفروز و مجزی شده از پلاک فرعی از اصلی واقع در بخش ۱۲ قریه خریداری از مالک رسمی محرز گردیده است.

رای شماره ۱۴۰۴۶۰۳۱۸۰۰۲۰۰۲۵۰۰۰ فرزند حسن نسبت به ششدانگ یک قطعه زمین زراعی به مساحت ۳۶۵۳/۰۰ متر مربع پلاک فرعی از اصلی مفروز و مجزی شده از پلاک فرعی از اصلی واقع در بخش ۱۲ قریه خریداری از مالک رسمی محرز گردیده است.

رای شماره ۱۴۰۴۶۰۳۱۸۰۰۲۰۰۲۵۰۰۰ فرزند حسن نسبت به ششدانگ یک قطعه زمین زراعی به مساحت ۳۶۵۳/۰۰ متر مربع پلاک فرعی از اصلی مفروز و مجزی شده از پلاک فرعی از اصلی واقع در بخش ۱۲ قریه خریداری از مالک رسمی محرز گردیده است.

رای شماره ۱۴۰۴۶۰۳۱۸۰۰۲۰۰۲۵۰۰۰ فرزند حسن نسبت به ششدانگ یک قطعه زمین زراعی به مساحت ۳۶۵۳/۰۰ متر مربع پلاک فرعی از اصلی مفروز و مجزی شده از پلاک فرعی از اصلی واقع در بخش ۱۲ قریه خریداری از مالک رسمی محرز گردیده است.

رای شماره ۱۴۰۴۶۰۳۱۸۰۰۲۰۰۲۵۰۰۰ فرزند حسن نسبت به ششدانگ یک قطعه زمین زراعی به مساحت ۳۶۵۳/۰۰ متر مربع پلاک فرعی از اصلی مفروز و مجزی شده از پلاک فرعی از اصلی واقع در بخش ۱۲ قریه خریداری از مالک رسمی محرز گردیده است.

رای شماره ۱۴۰۴۶۰۳۱۸۰۰۲۰۰۲۵۰۰۰ فرزند حسن نسبت به ششدانگ یک قطعه زمین زراعی به مساحت ۳۶۵۳/۰۰ متر مربع پلاک فرعی از اصلی مفروز و مجزی شده از پلاک فرعی از اصلی واقع در بخش ۱۲ قریه خریداری از مالک رسمی محرز گردیده است.

رای شماره ۱۴۰۴۶۰۳۱۸۰۰۲۰۰۲۵۰۰۰ فرزند حسن نسبت به ششدانگ یک قطعه زمین زراعی به مساحت ۳۶۵۳/۰۰ متر مربع پلاک فرعی از اصلی مفروز و مجزی شده از پلاک فرعی از اصلی واقع در بخش ۱۲ قریه خریداری از مالک رسمی محرز گردیده است.

پلاک ۴۱ – اصلی مرشدآباد

رای شماره ۱۴۰۴۶۰۳۱۸۰۰۲۰۰۲۵۰۰۰ فرزند حسن نسبت به ششدانگ یک قطعه زمین زراعی به مساحت ۳۶۵۳/۰۰ متر مربع پلاک فرعی از اصلی مفروز و مجزی شده از پلاک فرعی از اصلی واقع در بخش ۱۲ قریه خریداری از مالک رسمی محرز گردیده است.

رای شماره ۱۴۰۴۶۰۳۱۸۰۰۲۰۰۲۵۰۰۰ فرزند حسن نسبت به ششدانگ یک قطعه زمین زراعی به مساحت ۳۶۵۳/۰۰ متر مربع پلاک فرعی از اصلی مفروز و مجزی شده از پلاک فرعی از اصلی واقع در بخش ۱۲ قریه خریداری از مالک رسمی محرز گردیده است.

رای شماره ۱۴۰۴۶۰۳۱۸۰۰۲۰۰۲۵۰۰۰ فرزند حسن نسبت به ششدانگ یک قطعه زمین زراعی به مساحت ۳۶۵۳/۰۰ متر مربع پلاک فرعی از اصلی مفروز و مجزی شده از پلاک فرعی از اصلی واقع در بخش ۱۲ قریه خریداری از مالک رسمی محرز گردیده است.

رای شماره ۱۴۰۴۶۰۳۱۸۰۰۲۰۰۲۵۰۰۰ فرزند حسن نسبت به ششدانگ یک قطعه زمین زراعی به مساحت ۳۶۵۳/۰۰ متر مربع پلاک فرعی از اصلی مفروز و مجزی شده از پلاک فرعی از اصلی واقع در بخش ۱۲ قریه خریداری از مالک رسمی محرز گردیده است.

رای شماره ۱۴۰۴۶۰۳۱۸۰۰۲۰۰۲۵۰۰۰ فرزند حسن نسبت به ششدانگ یک قطعه زمین زراعی به مساحت ۳۶۵۳/۰۰ متر مربع پلاک فرعی از اصلی مفروز و مجزی شده از پلاک فرعی از اصلی واقع در بخش ۱۲ قریه خریداری از مالک رسمی محرز گردیده است.

رای شماره ۱۴۰۴۶۰۳۱۸۰۰۲۰۰۲۵۰۰۰ فرزند حسن نسبت به ششدانگ یک قطعه زمین زراعی به مساحت ۳۶۵۳/۰۰ متر مربع پلاک فرعی از اصلی مفروز و مجزی شده از پلاک فرعی از اصلی واقع در بخش ۱۲ قریه خریداری از مالک رسمی محرز گردیده است.

رای شماره ۱۴۰۴۶۰۳۱۸۰۰۲۰۰۲۵۰۰۰ فرزند حسن نسبت به ششدانگ یک قطعه زمین زراعی به مساحت ۳۶۵۳/۰۰ متر مربع پلاک فرعی از اصلی مفروز و مجزی شده از پلاک فرعی از اصلی واقع در بخش ۱۲ قریه خریداری از مالک رسمی محرز گردیده است.

پلاک ۱۱۲ – اصلی معصوم آباد

رای شماره ۱۴۰۴۶۰۳۱۸۰۰۲۰۰۲۵۰۰۰ فرزند حسن نسبت به ششدانگ یک قطعه زمین زراعی به مساحت ۳۶۵۳/۰۰ متر مربع پلاک فرعی از اصلی مفروز و مجزی شده از پلاک فرعی از اصلی واقع در بخش ۱۲ قریه خریداری از مالک رسمی محرز گردیده است.

رای شماره ۱۴۰۴۶۰۳۱۸۰۰۲۰۰۲۵۰۰۰ فرزند حسن نسبت به ششدانگ یک قطعه زمین زراعی به مساحت ۳۶۵۳/۰۰ متر مربع پلاک فرعی از اصلی مفروز و مجزی شده از پلاک فرعی از اصلی واقع در بخش ۱۲ قریه خریداری از مالک رسمی محرز گردیده است.

رای شماره ۱۴۰۴۶۰۳۱۸۰۰۲۰۰۲۵۰۰۰ فرزند حسن نسبت به ششدانگ یک قطعه زمین زراعی به مساحت ۳۶۵۳/۰۰ متر مربع پلاک فرعی از اصلی مفروز و مجزی شده از پلاک فرعی از اصلی واقع در بخش ۱۲ قریه خریداری از مالک رسمی محرز گردیده است.

رای شماره ۱۴۰۴۶۰۳۱۸۰۰۲۰۰۲۵۰۰۰ فرزند حسن نسبت به ششدانگ یک قطعه زمین زراعی به مساحت ۳۶۵۳/۰۰ متر مربع پلاک فرعی از اصلی مفروز و مجزی شده از پلاک فرعی از اصلی واقع در بخش ۱۲ قریه خریداری از مالک رسمی محرز گردیده است.

رای شماره ۱۴۰۴۶۰۳۱۸۰۰۲۰۰۲۵۰۰۰ فرزند حسن نسبت به ششدانگ یک قطعه زمین زراعی به مساحت ۳۶۵۳/۰۰ متر مربع پلاک فرعی از اصلی مفروز و مجزی شده از پلاک فرعی از اصلی واقع در بخش ۱۲ قریه خریداری از مالک رسمی محرز گردیده است.

رای شماره ۱۴۰۴۶۰۳۱۸۰۰۲۰۰۲۵۰۰۰ فرزند حسن نسبت به ششدانگ یک قطعه زمین زراعی به مساحت ۳۶۵۳/۰۰ متر مربع پلاک فرعی از اصلی مفروز و مجزی شده از پلاک فرعی از اصلی واقع در بخش ۱۲ قریه خریداری از مالک رسمی محرز گردیده است.

رای شماره ۱۴۰۴۶۰۳۱۸۰۰۲۰۰۲۵۰۰۰ فرزند حسن نسبت به ششدانگ یک قطعه زمین زراعی به مساحت ۳۶۵۳/۰۰ متر مربع پلاک فرعی از اصلی مفروز و مجزی شده از پلاک فرعی از اصلی واقع در بخش ۱۲ قریه خریداری از مالک رسمی محرز گردیده است.

پلاک ۱۱۲ – اصلی مهراب آباد

رای شماره ۱۴۰۴۶۰۳۱۸۰۰۲۰۰۲۵۰۰۰ فرزند حسن نسبت به ششدانگ یک قطعه زمین زراعی به مساحت ۳۶۵۳/۰۰ متر مربع پلاک فرعی از اصلی مفروز و مجزی شده از پلاک فرعی از اصلی واقع در بخش ۱۲ قریه خریداری از مالک رسمی محرز گردیده است.

رای شماره ۱۴۰۴۶۰۳۱۸۰۰۲۰۰۲۵۰۰۰ فرزند حسن نسبت به ششدانگ یک قطعه زمین زراعی به مساحت ۳۶۵۳/۰۰ متر مربع پلاک فرعی از اصلی مفروز و مجزی شده از پلاک فرعی از اصلی واقع در بخش ۱۲ قریه خریداری از مالک رسمی محرز گردیده است.

رای شماره ۱۴۰۴۶۰۳۱۸۰۰۲۰۰۲۵۰۰۰ فرزند حسن نسبت به ششدانگ یک قطعه زمین زراعی به مساحت ۳۶۵۳/۰۰ متر مربع پلاک فرعی از اصلی مفروز و مجزی شده از پلاک فرعی از اصلی واقع در بخش ۱۲ قریه خریداری از مالک رسمی محرز گردیده است.

رای شماره ۱۴۰۴۶۰۳۱۸۰۰۲۰۰۲۵۰۰۰ فرزند حسن نسبت به ششدانگ یک قطعه زمین زراعی به مساحت ۳۶۵۳/۰۰ متر مربع پلاک فرعی از اصلی مفروز و مجزی شده از پلاک فرعی از اصلی واقع در بخش ۱۲ قریه خریداری از مالک رسمی محرز گردیده است.

رای شماره ۱۴۰۴۶۰۳۱۸۰۰۲۰۰۲۵۰۰۰ فرزند حسن نسبت به ششدانگ یک قطعه زمین زراعی به مساحت ۳۶۵۳/۰۰ متر مربع پلاک فرعی از اصلی مفروز و مجزی شده از پلاک فرعی از اصلی واقع در بخش ۱۲ قریه خریداری از مالک رسمی محرز گردیده است.

رای شماره ۱۴۰۴۶۰۳۱۸۰۰۲۰۰۲۵۰۰۰ فرزند حسن نسبت به ششدانگ یک قطعه زمین زراعی به مساحت ۳۶۵۳/۰۰ متر مربع پلاک فرعی از اصلی مفروز و مجزی شده از پلاک فرعی از اصلی واقع در بخش ۱۲ قریه خریداری از مالک رسمی محرز گردیده است.

رای شماره ۱۴۰۴۶۰۳۱۸۰۰۲۰۰۲۵۰۰۰ فرزند حسن نسبت به ششدانگ یک قطعه زمین زراعی به مساحت ۳۶۵۳/۰۰ متر مربع پلاک فرعی از اصلی مفروز و مجزی شده از پلاک فرعی از اصلی واقع در بخش ۱۲ قریه خریداری از مالک رسمی محرز گردیده است.

پلاک ۱۴۳ – اصلی بید

رای شماره ۱۴۰۴۶۰۳۱۸۰۰۲۰۰۲۵۰۰۰ فرزند حسن نسبت به ششدانگ یک قطعه زمین زراعی به مساحت ۳۶۵۳/۰۰ متر مربع پلاک فرعی از اصلی مفروز و مجزی شده از پلاک فرعی از اصلی واقع در بخش ۱۲ قریه خریداری از مالک رسمی محرز گردیده است.

رای شماره ۱۴۰۴۶۰۳۱۸۰۰۲۰۰۲۵۰۰۰ فرزند حسن نسبت به ششدانگ یک قطعه زمین زراعی به مساحت ۳۶۵۳/۰۰ متر مربع پلاک فرعی از اصلی مفروز و مجزی شده از پلاک فرعی از اصلی واقع در بخش ۱۲ قریه خریداری از مالک رسمی محرز گردیده است.

رای شماره ۱۴۰۴۶۰۳۱۸۰۰۲۰۰۲۵۰۰۰ فرزند حسن نسبت به ششدانگ یک قطعه زمین زراعی به مساحت ۳۶۵۳/۰۰ متر مربع پلاک فرعی از اصلی مفروز و مجزی شده از پلاک فرعی از اصلی واقع در بخش ۱۲ قریه خریداری از مالک رسمی محرز گردیده است.

رای شماره ۱۴۰۴۶۰۳۱۸۰۰۲۰۰۲۵۰۰۰ فرزند حسن نسبت به ششدانگ یک قطعه زمین زراعی به مساحت ۳۶۵۳/۰۰ متر مربع پلاک فرعی از اصلی مفروز و مجزی شده از پلاک فرعی از اصلی واقع در بخش ۱۲ قریه خریداری از مالک رسمی محرز گردیده است.

رای شماره ۱۴۰۴۶۰۳۱۸۰۰۲۰۰۲۵۰۰۰ فرزند حسن نسبت به ششدانگ یک قطعه زمین زراعی به مساحت ۳۶۵۳/۰۰ متر مربع پلاک فرعی از اصلی مفروز و مجزی شده از پلاک فرعی از اصلی واقع در بخش ۱۲ قریه خریداری از مالک رسمی محرز گردیده است.

رای شماره ۱۴۰۴۶۰۳۱۸۰۰۲۰۰۲۵۰۰۰ فرزند حسن نسبت به ششدانگ یک قطعه زمین زراعی به مساحت ۳۶۵۳/۰۰ متر مربع پلاک فرعی از اصلی مفروز و مجزی شده از پلاک فرعی از اصلی واقع در بخش ۱۲ قریه خریداری از مالک رسمی محرز گردیده است.

رای شماره ۱۴۰۴۶۰۳۱۸۰۰۲۰۰۲۵۰۰۰ فرزند حسن نسبت به ششدانگ یک قطعه زمین زراعی به مساحت ۳۶۵۳/۰۰ متر مربع پلاک فرعی از اصلی مفروز و مجزی شده از پلاک فرعی از اصلی واقع در بخش ۱۲ قریه خریداری از مالک رسمی محرز گردیده است.

پلاک ۱۷۴ – اصلی برج

رای شماره ۱۴۰۴۶۰۳۱۸۰۰۲۰۰۲۵۰۰۰ فرزند حسن نسبت به ششدانگ یک قطعه زمین زراعی به مساحت ۳۶۵۳/۰۰ متر مربع پلاک فرعی از اصلی مفروز و مجزی شده از پلاک فرعی از اصلی واقع در بخش ۱۲ قریه خریداری از مالک رسمی محرز گردیده است.

رای شماره ۱۴۰۴۶۰۳۱۸۰۰۲۰۰۲۵۰۰۰ فرزند حسن نسبت به ششدانگ یک قطعه زمین زراعی به مساحت ۳۶۵۳/۰۰ متر مربع پلاک فرعی از اصلی مفروز و مجزی شده از پلاک فرعی از اصلی واقع در بخش ۱۲ قریه خریداری از مالک رسمی محرز گردیده است.

رای شماره ۱۴۰۴۶۰۳۱۸۰۰۲۰۰۲۵۰۰۰ فرزند حسن نسبت به ششدانگ یک قطعه زمین زراعی به مساحت ۳۶۵۳/۰۰ متر مربع پلاک فرعی از اصلی مفروز و مجزی شده از پلاک فرعی از اصلی واقع در بخش ۱۲ قریه خریداری از مالک رسمی محرز گردیده است.

رای شماره ۱۴۰۴۶۰۳۱۸۰۰۲۰۰۲۵۰۰۰ فرزند حسن نسبت به ششدانگ یک قطعه زمین زراعی به مساحت ۳۶۵۳/۰۰ متر مربع پلاک فرعی از اصلی مفروز و مجزی شده از پلاک فرعی از اصلی واقع در بخش ۱۲ قریه خریداری از مالک رسمی محرز گردیده است.

رای شماره ۱۴۰۴۶۰۳۱۸۰۰۲۰۰۲۵۰۰۰ فرزند حسن نسبت به ششدانگ یک قطعه زمین زراعی به مساحت ۳۶۵۳/۰۰ متر مربع پلاک فرعی از اصلی مفروز و مجزی شده از پلاک فرعی از اصلی واقع در بخش ۱۲ قریه خریداری از مالک رسمی محرز گردیده است.

رای شماره ۱۴۰۴۶۰۳۱۸۰۰۲۰۰۲۵۰۰۰ فرزند حسن نسبت به ششدانگ یک قطعه زمین زراعی به مساحت ۳۶۵۳/۰۰ متر مربع پلاک فرعی از اصلی مفروز و مجزی شده از پلاک فرعی از اصلی واقع در بخش ۱۲ قریه خریداری از مالک رسمی محرز گردیده است.

رای شماره ۱۴۰۴۶۰۳۱۸۰۰۲۰۰۲۵۰۰۰ فرزند حسن نسبت به ششدانگ یک قطعه زمین زراعی به مساحت ۳۶۵۳/۰۰ متر مربع پلاک فرعی از اصلی مفروز و مجزی شده از پلاک فرعی از اصلی واقع در بخش ۱۲ قریه خریداری از مالک رسمی محرز گردیده است.

پلاک ۱۱۴ – اصلی اسفیدن

رای شماره ۱۴۰۴۶۰۳۱۸۰۰۲۰۰۲۵۰۰۰ فرزند حسن نسبت به ششدانگ یک قطعه زمین زراعی به مساحت ۳۶۵۳/۰۰ متر مربع پلاک فرعی از اصلی مفروز و مجزی شده از پلاک فرعی از اصلی واقع در بخش ۱۲ قریه خریداری از مالک رسمی محرز گردیده است.

رای شماره ۱۴۰۴۶۰۳۱۸۰۰۲۰۰۲۵۰۰۰ فرزند حسن نسبت به ششدانگ یک قطعه زمین زراعی به مساحت ۳۶۵۳/۰۰ متر مربع پلاک فرعی از اصلی مفروز و مجزی شده از پلاک فرعی از اصلی واقع در بخش ۱۲ قریه خریداری از مالک رسمی محرز گردیده است.

رای شماره ۱۴۰۴۶۰۳۱۸۰۰۲۰۰۲۵۰۰۰ فرزند حسن نسبت به ششدانگ یک قطعه زمین زراعی به مساحت ۳۶۵۳/۰۰ متر مربع پلاک فرعی از اصلی مفروز و مجزی شده از پلاک فرعی از اصلی واقع در بخش ۱۲ قریه خریداری از مالک رسمی محرز گردیده است.

رای شماره ۱۴۰۴۶۰۳۱۸۰۰۲۰۰۲۵۰۰۰ فرزند حسن نسبت به ششدانگ یک قطعه زمین زراعی به مساحت ۳۶۵۳/۰۰ متر مربع پلاک فرعی از اصلی مفروز و مجزی شده از پلاک فرعی از اصلی واقع در بخش ۱۲ قریه خریداری از مالک رسمی محرز گردیده است.

رای شماره ۱۴۰۴۶۰۳۱۸۰۰۲۰۰۲۵۰۰۰ فرزند حسن نسبت به ششدانگ یک قطعه زمین زراعی به مساحت ۳۶۵۳/۰۰ متر مربع پلاک فرعی از اصلی مفروز و مجزی شده از پلاک فرعی از اصلی واقع در بخش ۱۲ قریه خریداری از مالک رسمی محرز گردیده است.

رای شماره ۱۴۰۴۶۰۳۱۸۰۰۲۰۰۲۵۰۰۰ فرزند حسن نسبت به ششدانگ یک قطعه زمین زراعی به مساحت ۳۶۵۳/۰۰ متر مربع پلاک فرعی از اصلی مفروز و مجزی شده از پلاک فرعی از اصلی واقع در بخش ۱۲ قریه خریداری از مالک رسمی محرز گردیده است.

رای شماره ۱۴۰۴۶۰۳۱۸۰۰۲۰۰۲۵۰۰۰ فرزند حسن نسبت به ششدانگ یک قطعه زمین زراعی به مساحت ۳۶۵۳/۰۰ متر مربع پلاک فرعی از اصلی مفروز و مجزی شده از پلاک فرعی از اصلی واقع در بخش ۱۲ قریه خریداری از مالک رسمی محرز گردیده است.

پلاک ۳۵ – اصلی حاجی آباد

رای شماره ۱۴۰۴۶۰۳۱۸۰۰۲۰۰۲۵۰۰۰ فرزند حسن نسبت به ششدانگ یک قطعه زمین زراعی به مساحت ۳۶۵۳/۰۰ متر مربع پلاک فرعی از اصلی مفروز و مجزی شده از پلاک فرعی از اصلی واقع در بخش ۱۲ قریه خریداری از مالک رسمی محرز گردیده است.

رای شماره ۱۴۰۴۶۰۳۱۸۰۰۲۰۰۲۵۰۰۰ فرزند حسن نسبت به ششدانگ یک قطعه زمین زراعی به مساحت ۳۶۵۳/۰۰ متر مربع پلاک فرعی از اصلی مفروز و مجزی شده از پلاک فرعی از اصلی واقع در بخش ۱۲ قریه خریداری از مالک رسمی محرز گردیده است.

رای شماره ۱۴۰۴۶۰۳۱۸۰۰۲۰۰۲۵۰۰۰ فرزند حسن نسبت به ششدانگ یک قطعه زمین زراعی به مساحت ۳۶۵۳/۰۰ متر مربع پلاک فرعی از اصلی مفروز و مجزی شده از پلاک فرعی از اصلی واقع در بخش ۱۲ قریه خریداری از مالک رسمی محرز گردیده است.

رای شماره ۱۴۰۴۶۰۳۱۸۰۰۲۰۰۲۵۰۰۰ فرزند حسن نسبت به ششدانگ یک قطعه زمین زراعی به مساحت ۳۶۵۳/۰۰ متر مربع پلاک فرعی از اصلی مفروز و مجزی شده از پلاک فرعی از اصلی واقع در بخش ۱۲ قریه خریداری از مالک رسمی محرز گردیده است.

رای شماره ۱۴۰۴۶۰۳۱۸۰۰۲۰۰۲۵۰۰۰ فرزند حسن نسبت به ششدانگ یک قطعه زمین زراعی به مساحت ۳۶۵۳/۰۰ متر مربع پلاک فرعی از اصلی مفروز و مجزی شده از پلاک فرعی از اصلی واقع در بخش ۱۲ قریه خریداری از مالک رسمی محرز گردیده است.

رای شماره ۱۴۰۴۶۰۳۱۸۰۰۲۰۰۲۵۰۰۰ فرزند حسن نسبت به ششدانگ یک قطعه زمین زراعی به مساحت ۳۶۵۳/۰۰ متر مربع پلاک فرعی از اصلی مفروز و مجزی شده از پلاک فرعی از اصلی واقع در بخش ۱۲ قریه خریداری از مالک رسمی محرز گردیده است.

رای شماره ۱۴۰۴۶۰۳۱۸۰۰۲۰۰۲۵۰۰۰ فرزند حسن نسبت به ششدانگ یک قطعه زمین زراعی به مساحت ۳۶۵۳/۰۰ متر مربع پلاک فرعی از اصلی مفروز و مجزی شده از پلاک فرعی از اصلی واقع در بخش ۱۲ قریه خریداری از مالک رسمی محرز گردیده است.

پلاک ۱۱۹ – اصلی روستای مزرعه ناب

رای شماره ۱۴۰۴۶۰۳۱۸۰۰۲۰۰۲۵۰۰۰ فرزند حسن نسبت به ششدانگ یک قطعه زمین زراعی به مساحت ۳۶۵۳/۰۰ متر مربع پلاک فرعی از اصلی مفروز و مجزی شده از پلاک فرعی از اصلی واقع در بخش ۱۲ قریه خریداری از مالک رسمی محرز گردیده است.

رای شماره ۱۴۰۴۶۰۳۱۸۰۰۲۰۰۲۵۰۰۰ فرزند حسن نسبت به ششدانگ یک قطعه زمین زراعی به مساحت ۳۶۵۳/۰۰ متر مربع پلاک فرعی از اصلی مفروز و مجزی شده از پلاک فرعی از اصلی واقع در بخش ۱۲ قریه خریداری از مالک رسمی محرز گردیده است.

رای شماره ۱۴۰۴۶۰۳۱۸۰۰۲۰۰۲۵۰۰۰ فرزند حسن نسبت به ششدانگ یک قطعه زمین زراعی به مساحت ۳۶۵۳/۰۰ متر مربع پلاک فرعی از اصلی مفروز و مجزی شده از پلاک فرعی از اصلی واقع در بخش ۱۲ قریه خریداری از مالک رسمی محرز گردیده است.

رای شماره ۱۴۰۴۶۰۳۱۸۰۰۲۰۰۲۵۰۰۰ فرزند حسن نسبت به ششدانگ یک قطعه زمین زراعی به مساحت ۳۶۵۳/۰۰ متر مربع پلاک فرعی از اصلی مفروز و مجزی شده از پلاک فرعی از اصلی واقع در بخش ۱۲ قریه خریداری از مالک رسمی محرز گردیده است.

رای شماره ۱۴۰۴۶۰۳۱۸۰۰۲۰۰۲۵۰۰۰ فرزند حسن نسبت به ششدانگ یک قطعه زمین زراعی به مساحت ۳۶۵۳/۰۰ متر مربع پلاک فرعی از اصلی مفروز و مجزی شده از پلاک فرعی از اصلی واقع در بخش ۱۲ قریه خریداری از مالک رسمی محرز گردیده است.

رای شماره ۱۴۰۴۶۰۳۱۸۰۰۲۰۰۲۵۰۰۰ فرزند حسن نسبت به ششدانگ یک قطعه زمین زراعی به مساحت ۳۶۵۳/۰۰ متر مربع پلاک فرعی از اصلی مفروز و مجزی شده از پلاک فرعی از اصلی واقع در بخش ۱۲ قریه خریداری از مالک رسمی محرز گردیده است.

رای شماره ۱۴۰۴۶۰۳۱۸۰۰۲۰۰۲۵۰۰۰ فرزند حسن نسبت به ششدانگ یک قطعه زمین زراعی به مساحت ۳۶۵۳/۰۰ متر مربع پلاک فرعی از اصلی مفروز و مجزی شده از پلاک فرعی از اصلی واقع در بخش ۱۲ قریه خریداری از مالک رسمی محرز گردیده است.

لذا به منظور اطلاع عموم مراتب در دو نوبت به فاصله ۱۵ روز آگهی می شود در صورتی که اشخاص نسبت به صدور سند مالکیت متقاضیان اعتراضی داشته باشند می توانند از تاریخ انتشار اولین آگهی به مدت دو ماه اعتراض خود را به اداره ثبت اسناد و املاک محل تسلیم و پس از اخذ رسید ظرف مدت یک ماه از تاریخ تسلیم اعتراض دادخواست خود را به مرجع قضایی تقدیم نمایند.

تاریخ انتشار نوبت اول: ۱۴۰۴/۰۴/۲۳ - تاریخ انتشار نوبت دوم: ۱۴۰۴/۰۵/۰۷

رئیس اداره ثبت اسناد و املاک اسفراین
